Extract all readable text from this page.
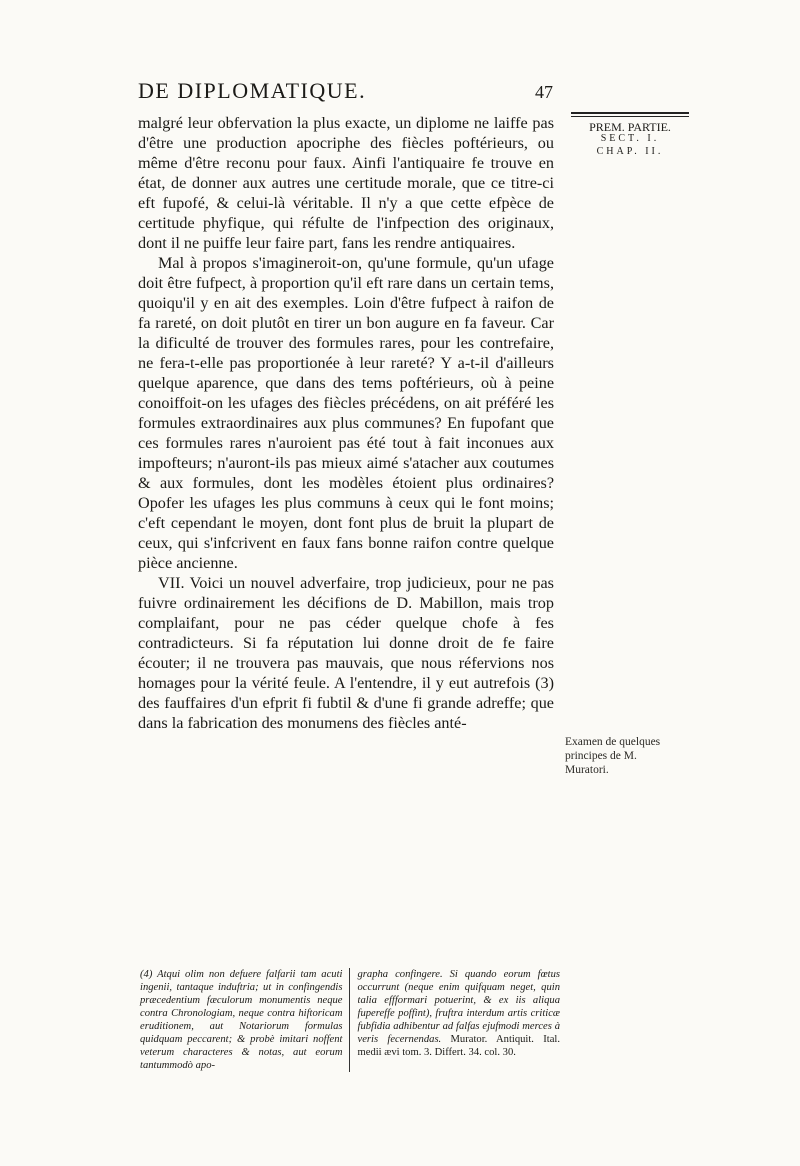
DE DIPLOMATIQUE.	47
PREM. PARTIE.
SECT. I.
CHAP. II.

malgré leur obfervation la plus exacte, un diplome ne laiffe pas d'être une production apocriphe des fiècles poftérieurs, ou même d'être reconu pour faux. Ainfi l'antiquaire fe trouve en état, de donner aux autres une certitude morale, que ce titre-ci eft fupofé, & celui-là véritable. Il n'y a que cette efpèce de certitude phyfique, qui réfulte de l'infpection des originaux, dont il ne puiffe leur faire part, fans les rendre antiquaires.

Mal à propos s'imagineroit-on, qu'une formule, qu'un ufage doit être fufpect, à proportion qu'il eft rare dans un certain tems, quoiqu'il y en ait des exemples. Loin d'être fufpect à raifon de fa rareté, on doit plutôt en tirer un bon augure en fa faveur. Car la dificulté de trouver des formules rares, pour les contrefaire, ne fera-t-elle pas proportionée à leur rareté? Y a-t-il d'ailleurs quelque aparence, que dans des tems poftérieurs, où à peine conoiffoit-on les ufages des fiècles précédens, on ait préféré les formules extraordinaires aux plus communes? En fupofant que ces formules rares n'auroient pas été tout à fait inconues aux impofteurs; n'auront-ils pas mieux aimé s'atacher aux coutumes & aux formules, dont les modèles étoient plus ordinaires? Opofer les ufages les plus communs à ceux qui le font moins; c'eft cependant le moyen, dont font plus de bruit la plupart de ceux, qui s'infcrivent en faux fans bonne raifon contre quelque pièce ancienne.

VII. Voici un nouvel adverfaire, trop judicieux, pour ne pas fuivre ordinairement les décifions de D. Mabillon, mais trop complaifant, pour ne pas céder quelque chofe à fes contradicteurs. Si fa réputation lui donne droit de fe faire écouter; il ne trouvera pas mauvais, que nous réfervions nos homages pour la vérité feule. A l'entendre, il y eut autrefois (3) des fauffaires d'un efprit fi fubtil & d'une fi grande adreffe; que dans la fabrication des monumens des fiècles anté-

Examen de quelques principes de M. Muratori.
(4) Atqui olim non defuere falfarii tam acuti ingenii, tantaque induftria; ut in confingendis præcedentium fæculorum monumentis neque contra Chronologiam, neque contra hiftoricam eruditionem, aut Notariorum formulas quidquam peccarent; & probè imitari noffent veterum characteres & notas, aut eorum tantummodò apo-
grapha confingere. Si quando eorum fœtus occurrunt (neque enim quifquam neget, quin talia effformari potuerint, & ex iis aliqua fupereffe poffint), fruftra interdum artis criticæ fubfidia adhibentur ad falfas ejufmodi merces à veris fecernendas. Murator. Antiquit. Ital. medii ævi tom. 3. Differt. 34. col. 30.
